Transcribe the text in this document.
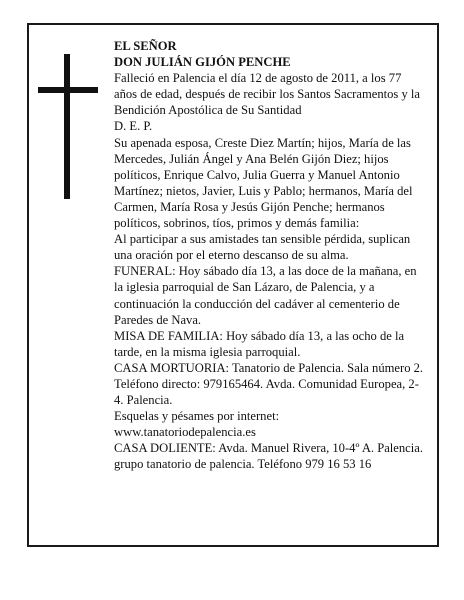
EL SEÑOR

DON JULIÁN GIJÓN PENCHE

Falleció en Palencia el día 12 de agosto de 2011, a los 77 años de edad, después de recibir los Santos Sacramentos y la Bendición Apostólica de Su Santidad

D. E. P.

Su apenada esposa, Creste Diez Martín; hijos, María de las Mercedes, Julián Ángel y Ana Belén Gijón Diez; hijos políticos, Enrique Calvo, Julia Guerra y Manuel Antonio Martínez; nietos, Javier, Luis y Pablo; hermanos, María del Carmen, María Rosa y Jesús Gijón Penche; hermanos políticos, sobrinos, tíos, primos y demás familia:

Al participar a sus amistades tan sensible pérdida, suplican una oración por el eterno descanso de su alma.

FUNERAL: Hoy sábado día 13, a las doce de la mañana, en la iglesia parroquial de San Lázaro, de Palencia, y a continuación la conducción del cadáver al cementerio de Paredes de Nava.

MISA DE FAMILIA: Hoy sábado día 13, a las ocho de la tarde, en la misma iglesia parroquial.

CASA MORTUORIA: Tanatorio de Palencia. Sala número 2. Teléfono directo: 979165464. Avda. Comunidad Europea, 2-4. Palencia.

Esquelas y pésames por internet:

www.tanatoriodepalencia.es

CASA DOLIENTE: Avda. Manuel Rivera, 10-4º A. Palencia.

grupo tanatorio de palencia. Teléfono 979 16 53 16
